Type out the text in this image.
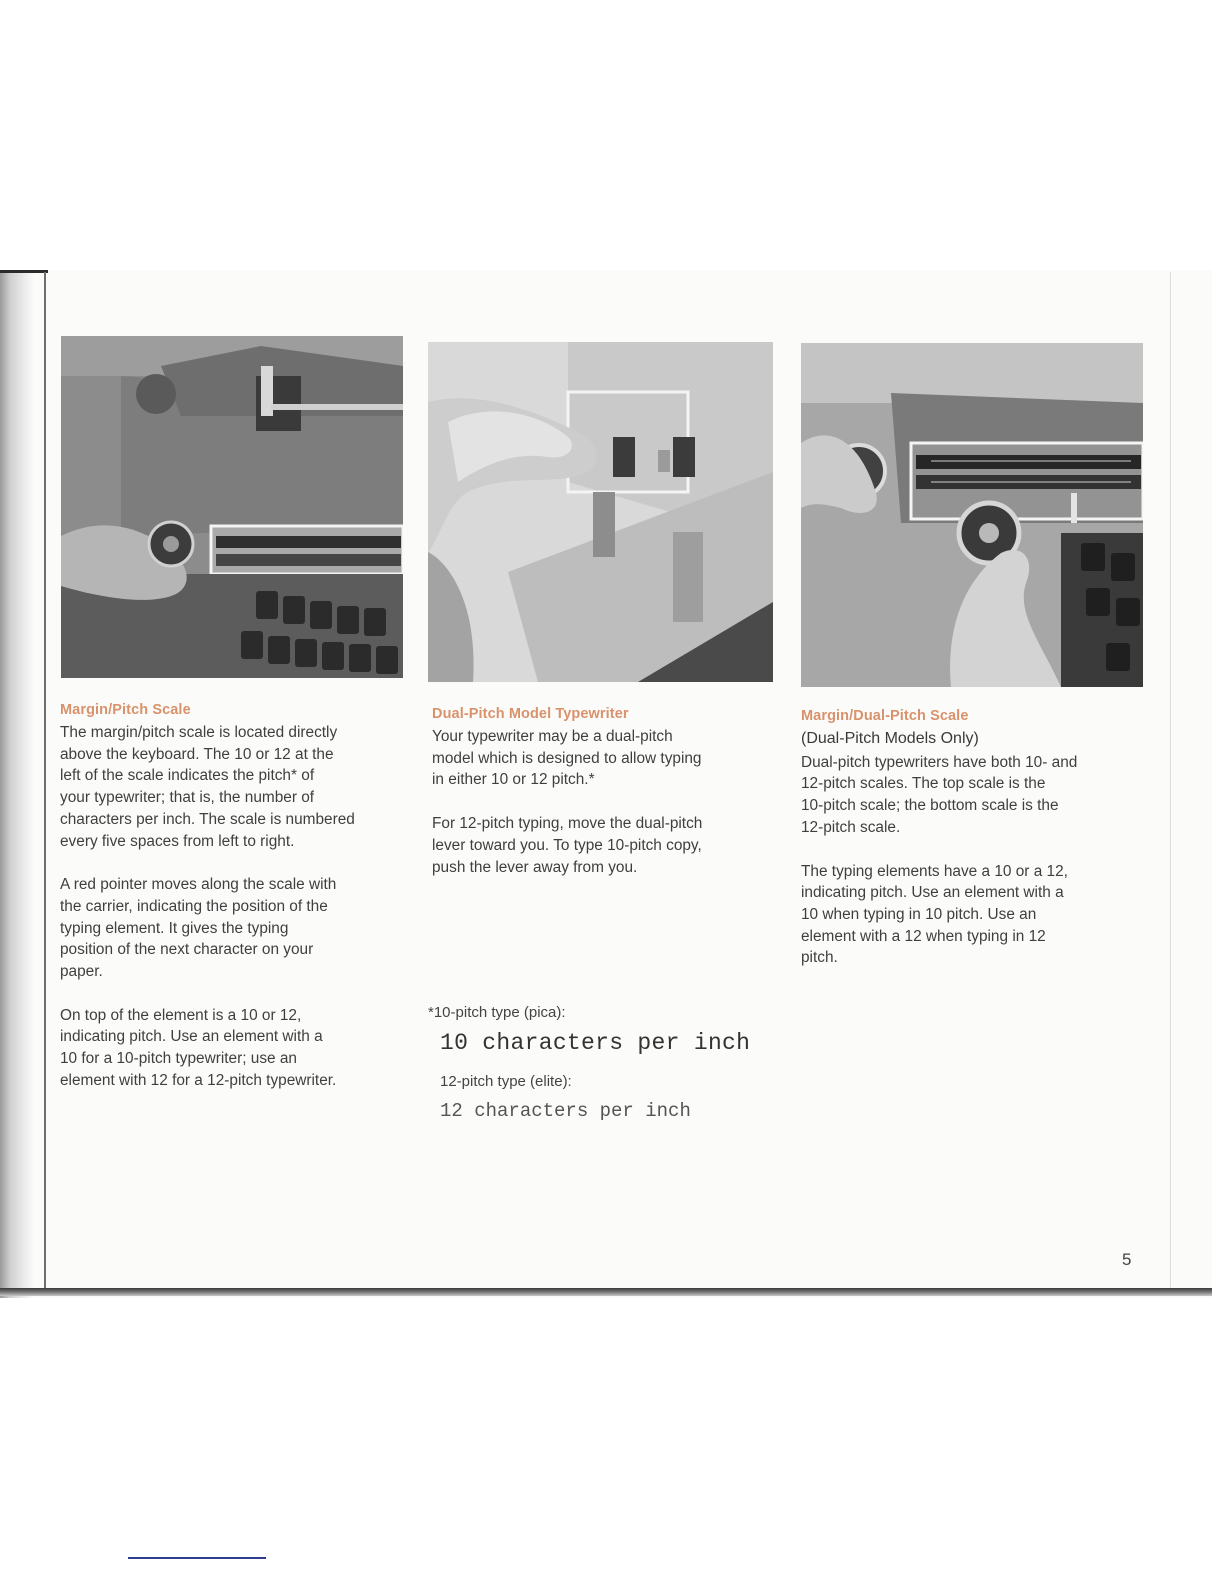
Margin/Pitch Scale

The margin/pitch scale is located directly
above the keyboard. The 10 or 12 at the
left of the scale indicates the pitch* of
your typewriter; that is, the number of
characters per inch. The scale is numbered
every five spaces from left to right.

A red pointer moves along the scale with
the carrier, indicating the position of the
typing element. It gives the typing
position of the next character on your
paper.

On top of the element is a 10 or 12,
indicating pitch. Use an element with a
10 for a 10-pitch typewriter; use an
element with 12 for a 12-pitch typewriter.

Dual-Pitch Model Typewriter

Your typewriter may be a dual-pitch
model which is designed to allow typing
in either 10 or 12 pitch.*

For 12-pitch typing, move the dual-pitch
lever toward you. To type 10-pitch copy,
push the lever away from you.

Margin/Dual-Pitch Scale

(Dual-Pitch Models Only)

Dual-pitch typewriters have both 10- and
12-pitch scales. The top scale is the
10-pitch scale; the bottom scale is the
12-pitch scale.

The typing elements have a 10 or a 12,
indicating pitch. Use an element with a
10 when typing in 10 pitch. Use an
element with a 12 when typing in 12
pitch.

*10-pitch type (pica):
10 characters per inch
12-pitch type (elite):
12 characters per inch
5
